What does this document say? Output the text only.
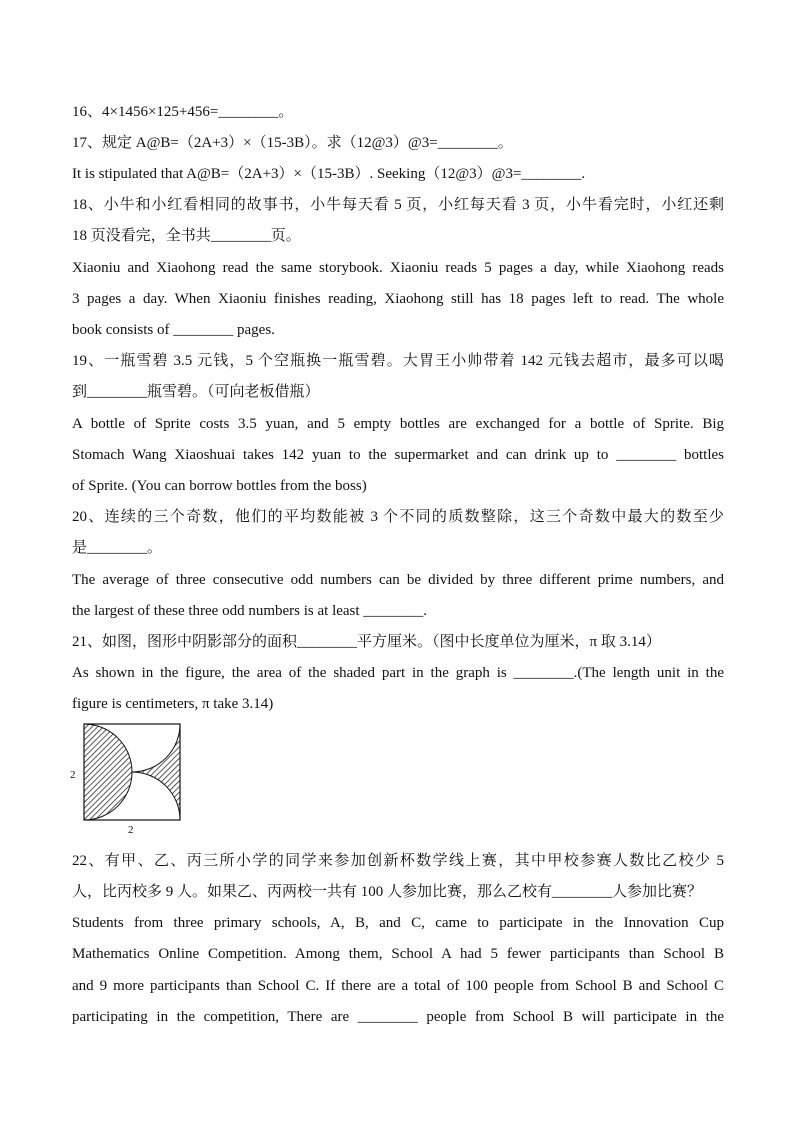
16、4×1456×125+456=________。
17、规定 A@B=（2A+3）×（15-3B）。求（12@3）@3=________。
It is stipulated that A@B=（2A+3）×（15-3B）. Seeking（12@3）@3=________.
18、小牛和小红看相同的故事书，小牛每天看 5 页，小红每天看 3 页，小牛看完时，小红还剩
18 页没看完，全书共________页。
Xiaoniu and Xiaohong read the same storybook. Xiaoniu reads 5 pages a day, while Xiaohong reads
3 pages a day. When Xiaoniu finishes reading, Xiaohong still has 18 pages left to read. The whole
book consists of ________ pages.
19、一瓶雪碧 3.5 元钱，5 个空瓶换一瓶雪碧。大胃王小帅带着 142 元钱去超市，最多可以喝
到________瓶雪碧。（可向老板借瓶）
A bottle of Sprite costs 3.5 yuan, and 5 empty bottles are exchanged for a bottle of Sprite. Big
Stomach Wang Xiaoshuai takes 142 yuan to the supermarket and can drink up to ________ bottles
of Sprite. (You can borrow bottles from the boss)
20、连续的三个奇数，他们的平均数能被 3 个不同的质数整除，这三个奇数中最大的数至少
是________。
The average of three consecutive odd numbers can be divided by three different prime numbers, and
the largest of these three odd numbers is at least ________.
21、如图，图形中阴影部分的面积________平方厘米。（图中长度单位为厘米，π 取 3.14）
As shown in the figure, the area of the shaded part in the graph is ________.(The length unit in the
figure is centimeters, π take 3.14)
2
2
22、有甲、乙、丙三所小学的同学来参加创新杯数学线上赛，其中甲校参赛人数比乙校少 5
人，比丙校多 9 人。如果乙、丙两校一共有 100 人参加比赛，那么乙校有________人参加比赛？
Students from three primary schools, A, B, and C, came to participate in the Innovation Cup
Mathematics Online Competition. Among them, School A had 5 fewer participants than School B
and 9 more participants than School C. If there are a total of 100 people from School B and School C
participating in the competition, There are ________ people from School B will participate in the
